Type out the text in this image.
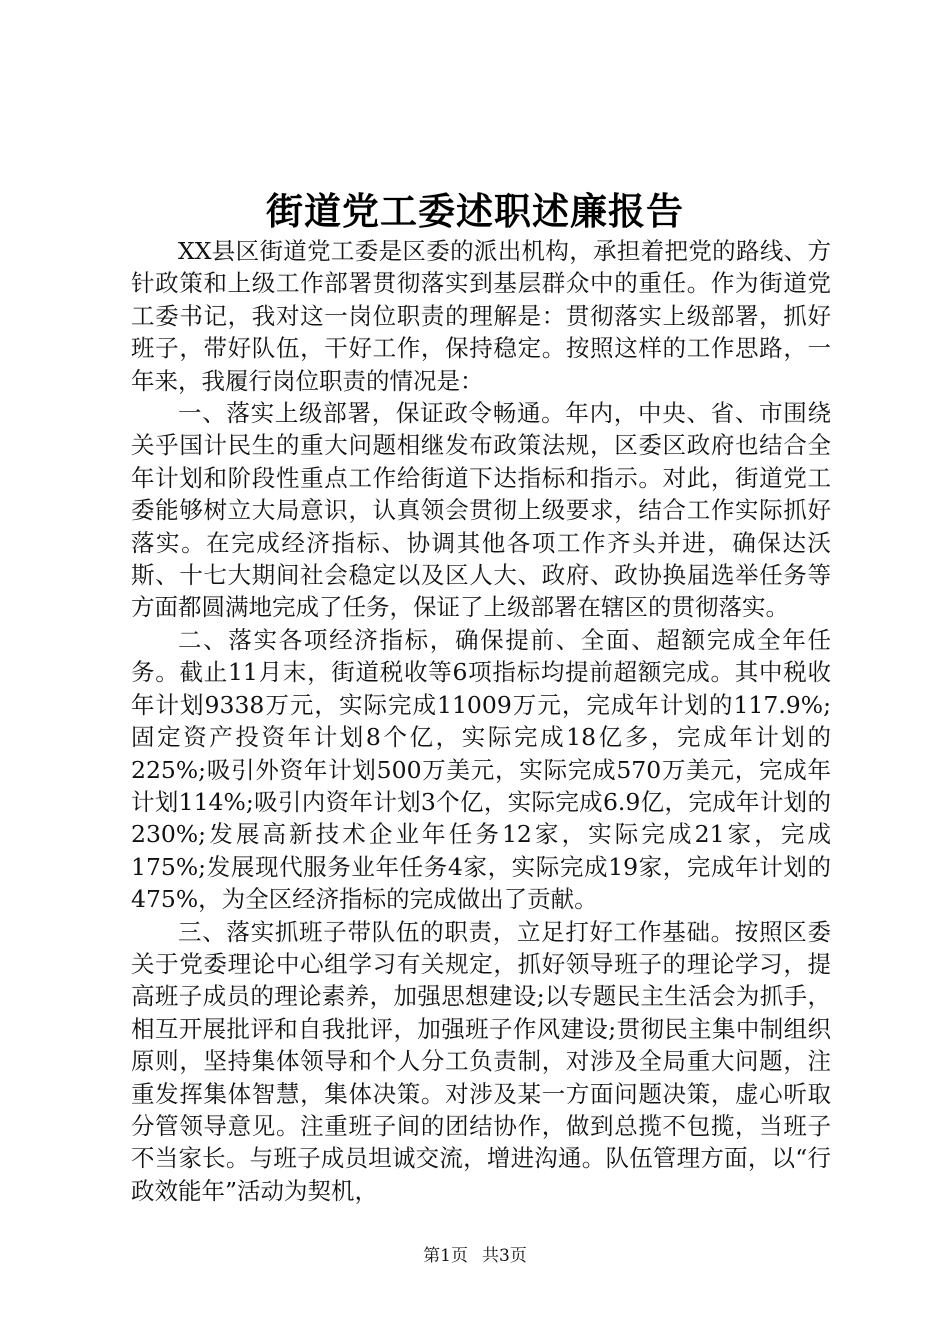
街道党工委述职述廉报告

XX县区街道党工委是区委的派出机构，承担着把党的路线、方针政策和上级工作部署贯彻落实到基层群众中的重任。作为街道党工委书记，我对这一岗位职责的理解是：贯彻落实上级部署，抓好班子，带好队伍，干好工作，保持稳定。按照这样的工作思路，一年来，我履行岗位职责的情况是：

一、落实上级部署，保证政令畅通。年内，中央、省、市围绕关乎国计民生的重大问题相继发布政策法规，区委区政府也结合全年计划和阶段性重点工作给街道下达指标和指示。对此，街道党工委能够树立大局意识，认真领会贯彻上级要求，结合工作实际抓好落实。在完成经济指标、协调其他各项工作齐头并进，确保达沃斯、十七大期间社会稳定以及区人大、政府、政协换届选举任务等方面都圆满地完成了任务，保证了上级部署在辖区的贯彻落实。

二、落实各项经济指标，确保提前、全面、超额完成全年任务。截止11月末，街道税收等6项指标均提前超额完成。其中税收年计划9338万元，实际完成11009万元，完成年计划的117.9%;固定资产投资年计划8个亿，实际完成18亿多，完成年计划的225%;吸引外资年计划500万美元，实际完成570万美元，完成年计划114%;吸引内资年计划3个亿，实际完成6.9亿，完成年计划的230%;发展高新技术企业年任务12家，实际完成21家，完成175%;发展现代服务业年任务4家，实际完成19家，完成年计划的475%，为全区经济指标的完成做出了贡献。

三、落实抓班子带队伍的职责，立足打好工作基础。按照区委关于党委理论中心组学习有关规定，抓好领导班子的理论学习，提高班子成员的理论素养，加强思想建设;以专题民主生活会为抓手，相互开展批评和自我批评，加强班子作风建设;贯彻民主集中制组织原则，坚持集体领导和个人分工负责制，对涉及全局重大问题，注重发挥集体智慧，集体决策。对涉及某一方面问题决策，虚心听取分管领导意见。注重班子间的团结协作，做到总揽不包揽，当班子不当家长。与班子成员坦诚交流，增进沟通。队伍管理方面，以“行政效能年”活动为契机，

第1页 共3页
